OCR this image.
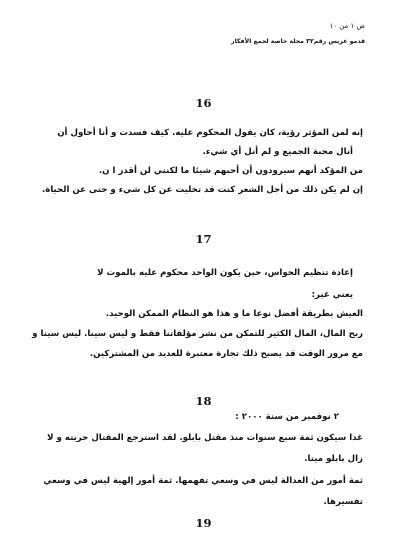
ص ١ من ١٠
قدمو عريس رقم٣٢ مجلة خاصة لجمع الأفكار
16
إنه لمن المؤثر رؤية، كان يقول المحكوم عليه. كيف فسدت و أنا أحاول أن
أنال محبة الجميع و لم أنل أي شيء.
من المؤكد أنهم سيرودون أن أحبهم شيئا ما لكنني لن أقدر ا ن.
إن لم يكن ذلك من أجل الشعر كنت قد تخليت عن كل شيء و حتى عن الحياة.
17
إعادة تنظيم الحواس، حين يكون الواحد محكوم عليه بالموت لا
يعني غير:
العيش بطريقة أفضل نوعا ما و هذا هو النظام الممكن الوحيد.
ربح المال، المال الكثير للتمكن من نشر مؤلفاتنا فقط و ليس سينا. ليس سينا و
مع مرور الوقت قد يصبح ذلك تجارة معتبرة للعديد من المشتركين.
18
٢ نوفمبر من سنة ٢٠٠٠ :
غدا سيكون ثمة سبع سنوات منذ مقتل بابلو. لقد استرجع المقتال حريته و لا
زال بابلو ميتا.
ثمة أمور من العدالة ليس في وسعي تفهمها. ثمة أمور إلهية ليس في وسعي
تفسيرها.
19
